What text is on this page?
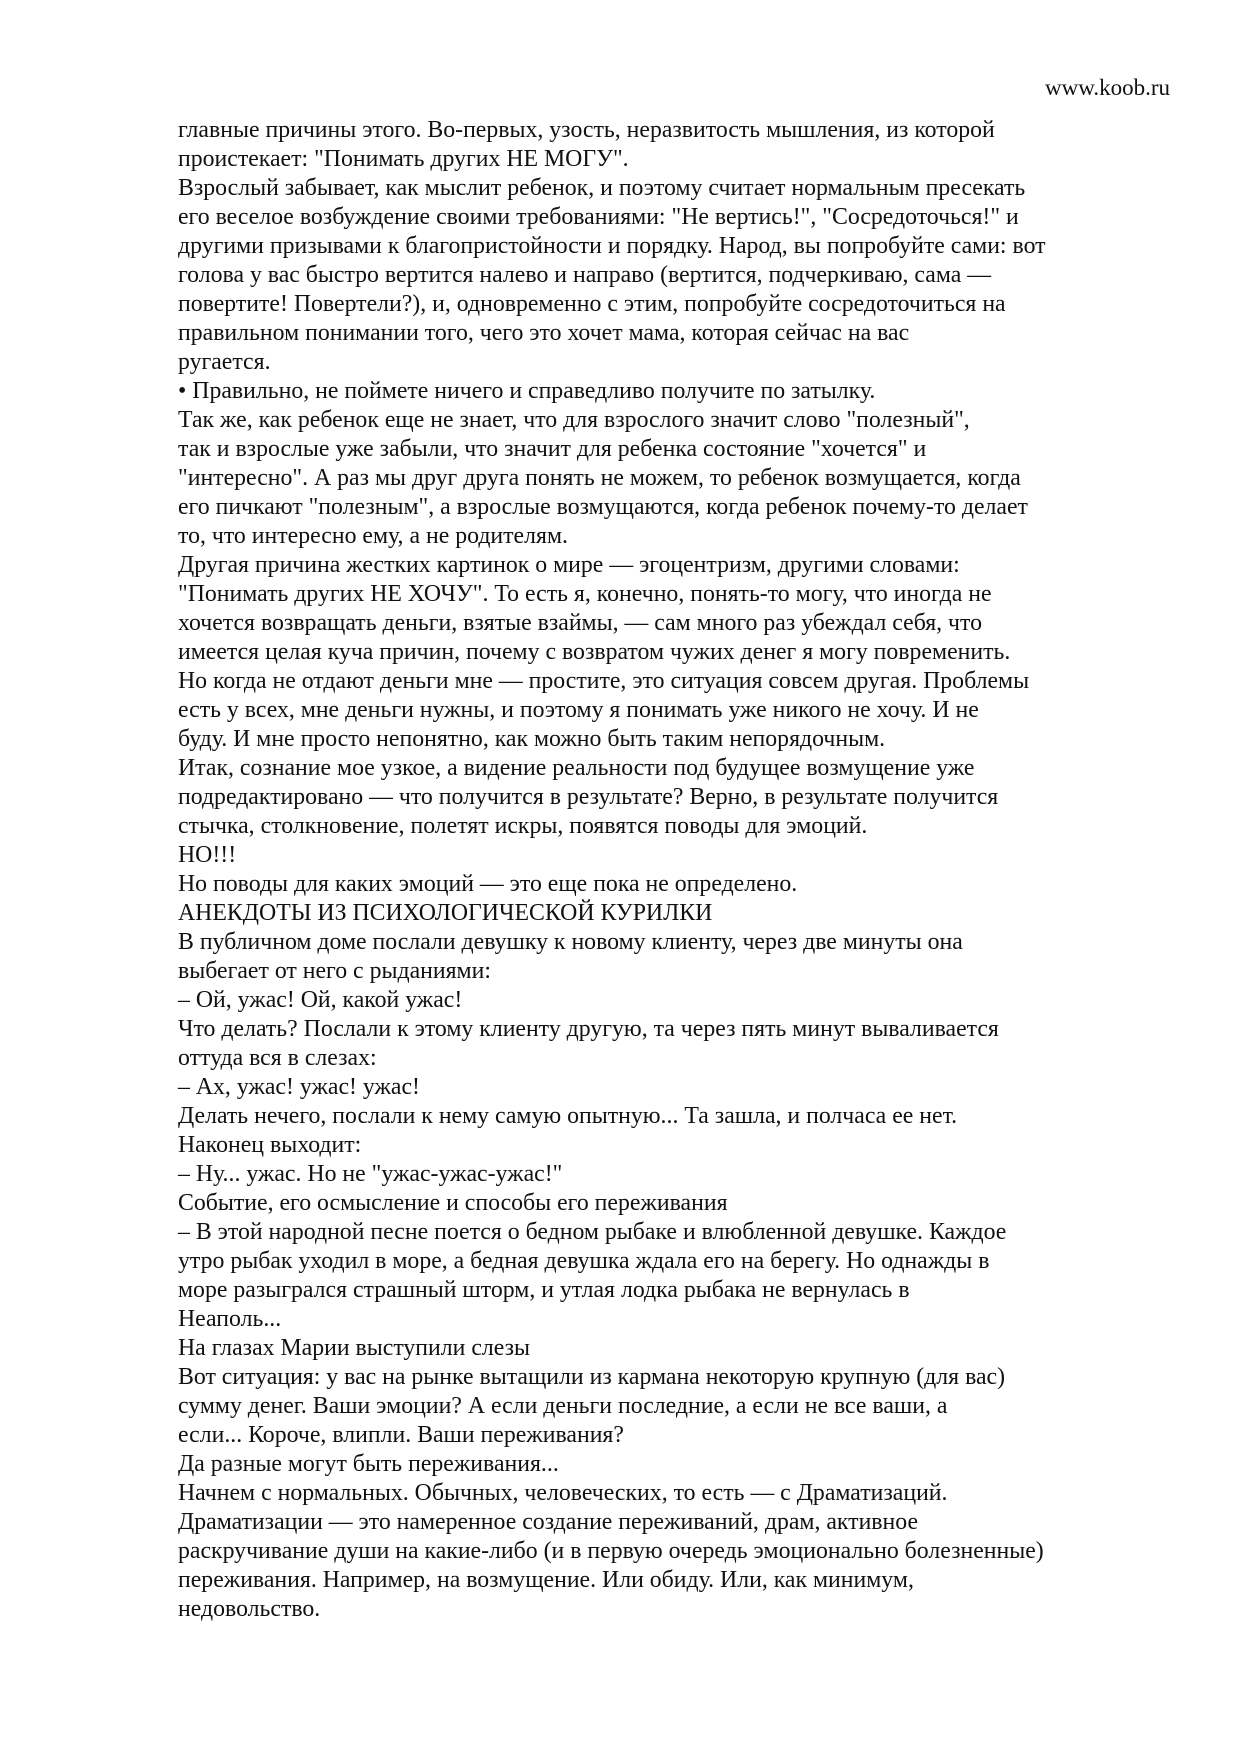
www.koob.ru
главные причины этого. Во-первых, узость, неразвитость мышления, из которой
проистекает: "Понимать других НЕ МОГУ".
Взрослый забывает, как мыслит ребенок, и поэтому считает нормальным пресекать
его веселое возбуждение своими требованиями: "Не вертись!", "Сосредоточься!" и
другими призывами к благопристойности и порядку. Народ, вы попробуйте сами: вот
голова у вас быстро вертится налево и направо (вертится, подчеркиваю, сама —
повертите! Повертели?), и, одновременно с этим, попробуйте сосредоточиться на
правильном понимании того, чего это хочет мама, которая сейчас на вас
ругается.
• Правильно, не поймете ничего и справедливо получите по затылку.
Так же, как ребенок еще не знает, что для взрослого значит слово "полезный",
так и взрослые уже забыли, что значит для ребенка состояние "хочется" и
"интересно". А раз мы друг друга понять не можем, то ребенок возмущается, когда
его пичкают "полезным", а взрослые возмущаются, когда ребенок почему-то делает
то, что интересно ему, а не родителям.
Другая причина жестких картинок о мире — эгоцентризм, другими словами:
"Понимать других НЕ ХОЧУ". То есть я, конечно, понять-то могу, что иногда не
хочется возвращать деньги, взятые взаймы, — сам много раз убеждал себя, что
имеется целая куча причин, почему с возвратом чужих денег я могу повременить.
Но когда не отдают деньги мне — простите, это ситуация совсем другая. Проблемы
есть у всех, мне деньги нужны, и поэтому я понимать уже никого не хочу. И не
буду. И мне просто непонятно, как можно быть таким непорядочным.
Итак, сознание мое узкое, а видение реальности под будущее возмущение уже
подредактировано — что получится в результате? Верно, в результате получится
стычка, столкновение, полетят искры, появятся поводы для эмоций.
НО!!!
Но поводы для каких эмоций — это еще пока не определено.
АНЕКДОТЫ ИЗ ПСИХОЛОГИЧЕСКОЙ КУРИЛКИ
В публичном доме послали девушку к новому клиенту, через две минуты она
выбегает от него с рыданиями:
– Ой, ужас! Ой, какой ужас!
Что делать? Послали к этому клиенту другую, та через пять минут вываливается
оттуда вся в слезах:
– Ах, ужас! ужас! ужас!
Делать нечего, послали к нему самую опытную... Та зашла, и полчаса ее нет.
Наконец выходит:
– Ну... ужас. Но не "ужас-ужас-ужас!"
Событие, его осмысление и способы его переживания
– В этой народной песне поется о бедном рыбаке и влюбленной девушке. Каждое
утро рыбак уходил в море, а бедная девушка ждала его на берегу. Но однажды в
море разыгрался страшный шторм, и утлая лодка рыбака не вернулась в
Неаполь...
На глазах Марии выступили слезы
Вот ситуация: у вас на рынке вытащили из кармана некоторую крупную (для вас)
сумму денег. Ваши эмоции? А если деньги последние, а если не все ваши, а
если... Короче, влипли. Ваши переживания?
Да разные могут быть переживания...
Начнем с нормальных. Обычных, человеческих, то есть — с Драматизаций.
Драматизации — это намеренное создание переживаний, драм, активное
раскручивание души на какие-либо (и в первую очередь эмоционально болезненные)
переживания. Например, на возмущение. Или обиду. Или, как минимум,
недовольство.
